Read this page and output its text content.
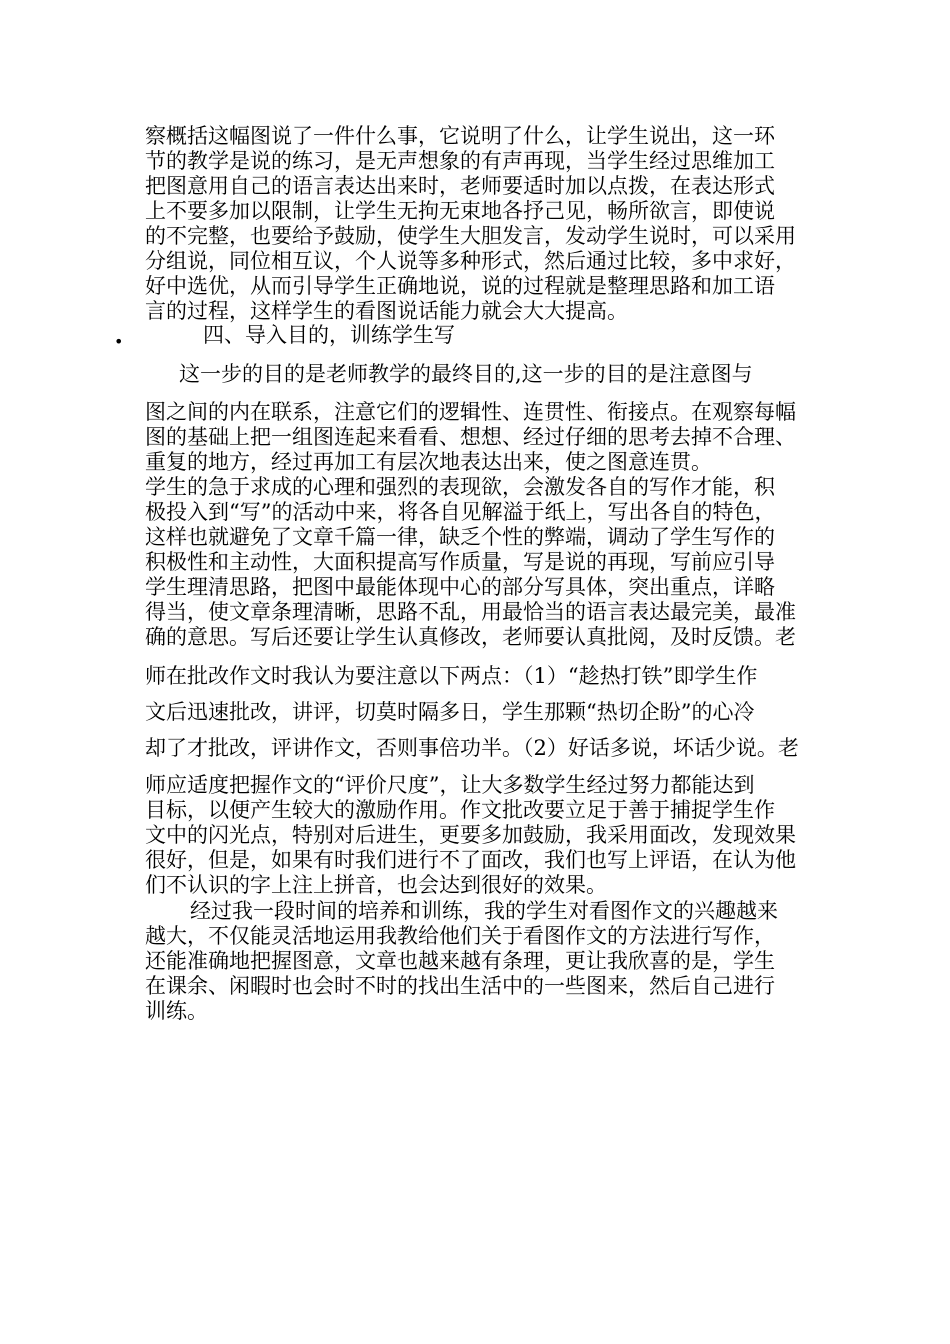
察概括这幅图说了一件什么事，它说明了什么，让学生说出，这一环
节的教学是说的练习，是无声想象的有声再现，当学生经过思维加工
把图意用自己的语言表达出来时，老师要适时加以点拨，在表达形式
上不要多加以限制，让学生无拘无束地各抒己见，畅所欲言，即使说
的不完整，也要给予鼓励，使学生大胆发言，发动学生说时，可以采用
分组说，同位相互议，个人说等多种形式，然后通过比较，多中求好，
好中选优，从而引导学生正确地说，说的过程就是整理思路和加工语
言的过程，这样学生的看图说话能力就会大大提高。
•	四、导入目的，训练学生写
这一步的目的是老师教学的最终目的,这一步的目的是注意图与
图之间的内在联系，注意它们的逻辑性、连贯性、衔接点。在观察每幅
图的基础上把一组图连起来看看、想想、经过仔细的思考去掉不合理、
重复的地方，经过再加工有层次地表达出来，使之图意连贯。
学生的急于求成的心理和强烈的表现欲，会激发各自的写作才能，积
极投入到“写”的活动中来，将各自见解溢于纸上，写出各自的特色，
这样也就避免了文章千篇一律，缺乏个性的弊端，调动了学生写作的
积极性和主动性，大面积提高写作质量，写是说的再现，写前应引导
学生理清思路，把图中最能体现中心的部分写具体，突出重点，详略
得当，使文章条理清晰，思路不乱，用最恰当的语言表达最完美，最准
确的意思。写后还要让学生认真修改，老师要认真批阅，及时反馈。老
师在批改作文时我认为要注意以下两点：（1）“趁热打铁”即学生作
文后迅速批改，讲评，切莫时隔多日，学生那颗“热切企盼”的心冷
却了才批改，评讲作文，否则事倍功半。（2）好话多说，坏话少说。老
师应适度把握作文的“评价尺度”，让大多数学生经过努力都能达到
目标，以便产生较大的激励作用。作文批改要立足于善于捕捉学生作
文中的闪光点，特别对后进生，更要多加鼓励，我采用面改，发现效果
很好，但是，如果有时我们进行不了面改，我们也写上评语，在认为他
们不认识的字上注上拼音，也会达到很好的效果。
经过我一段时间的培养和训练，我的学生对看图作文的兴趣越来
越大，不仅能灵活地运用我教给他们关于看图作文的方法进行写作，
还能准确地把握图意，文章也越来越有条理，更让我欣喜的是，学生
在课余、闲暇时也会时不时的找出生活中的一些图来，然后自己进行
训练。
